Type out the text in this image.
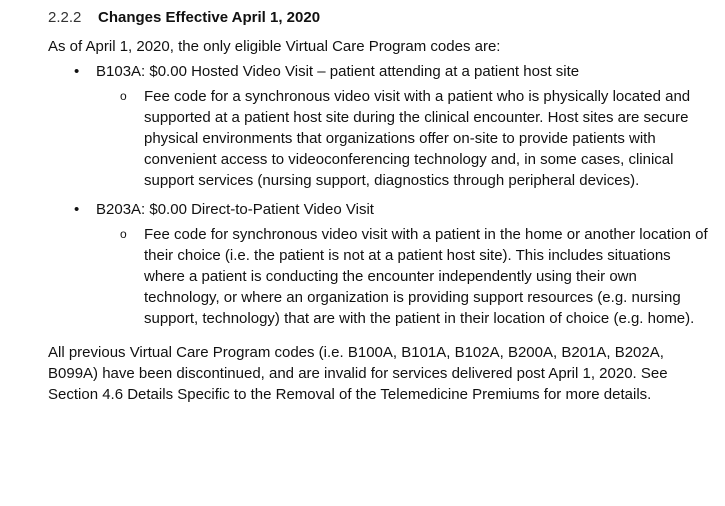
2.2.2	Changes Effective April 1, 2020

As of April 1, 2020, the only eligible Virtual Care Program codes are:

• B103A: $0.00 Hosted Video Visit – patient attending at a patient host site
o Fee code for a synchronous video visit with a patient who is physically located and supported at a patient host site during the clinical encounter. Host sites are secure physical environments that organizations offer on-site to provide patients with convenient access to videoconferencing technology and, in some cases, clinical support services (nursing support, diagnostics through peripheral devices).
• B203A: $0.00 Direct-to-Patient Video Visit
o Fee code for synchronous video visit with a patient in the home or another location of their choice (i.e. the patient is not at a patient host site). This includes situations where a patient is conducting the encounter independently using their own technology, or where an organization is providing support resources (e.g. nursing support, technology) that are with the patient in their location of choice (e.g. home).

All previous Virtual Care Program codes (i.e. B100A, B101A, B102A, B200A, B201A, B202A, B099A) have been discontinued, and are invalid for services delivered post April 1, 2020. See Section 4.6 Details Specific to the Removal of the Telemedicine Premiums for more details.
